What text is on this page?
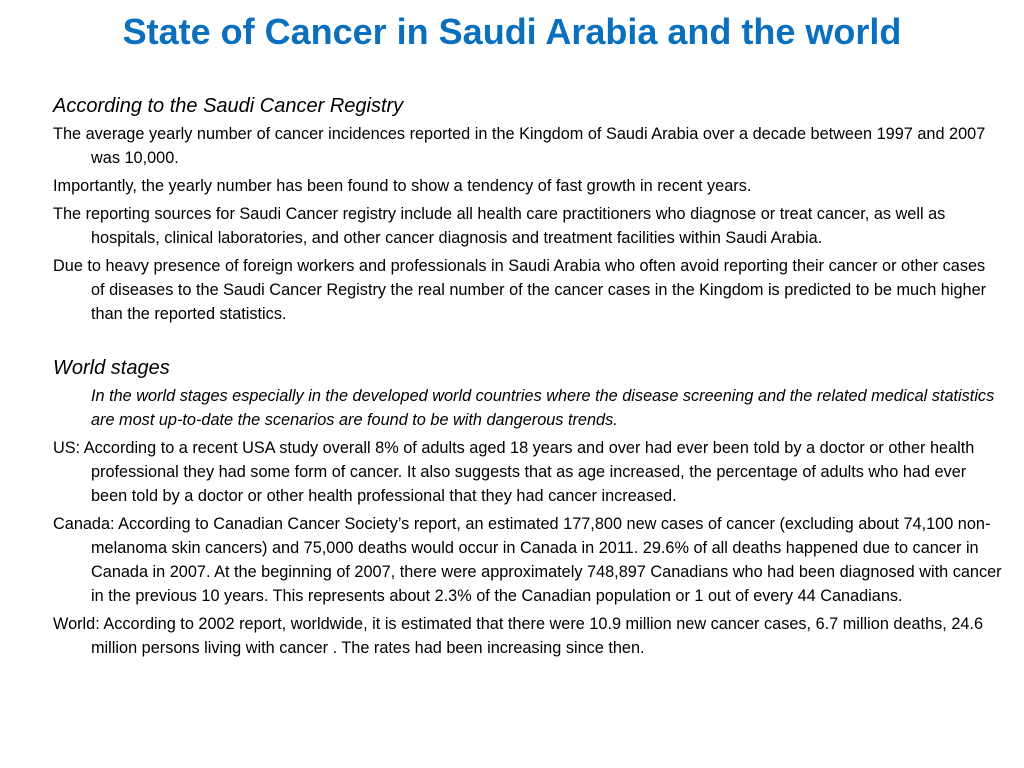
State of Cancer in Saudi Arabia and the world
According to the Saudi Cancer Registry

The average yearly number of cancer incidences reported in the Kingdom of Saudi Arabia over a decade between 1997 and 2007 was 10,000.

Importantly, the yearly number has been found to show a tendency of fast growth in recent years.

The reporting sources for Saudi Cancer registry include all health care practitioners who diagnose or treat cancer, as well as hospitals, clinical laboratories, and other cancer diagnosis and treatment facilities within Saudi Arabia.

Due to heavy presence of foreign workers and professionals in Saudi Arabia who often avoid reporting their cancer or other cases of diseases to the Saudi Cancer Registry the real number of the cancer cases in the Kingdom is predicted to be much higher than the reported statistics.

World stages

In the world stages especially in the developed world countries where the disease screening and the related medical statistics are most up-to-date the scenarios are found to be with dangerous trends.

US: According to a recent USA study overall 8% of adults aged 18 years and over had ever been told by a doctor or other health professional they had some form of cancer. It also suggests that as age increased, the percentage of adults who had ever been told by a doctor or other health professional that they had cancer increased.

Canada: According to Canadian Cancer Society’s report, an estimated 177,800 new cases of cancer (excluding about 74,100 non-melanoma skin cancers) and 75,000 deaths would occur in Canada in 2011. 29.6% of all deaths happened due to cancer in Canada in 2007. At the beginning of 2007, there were approximately 748,897 Canadians who had been diagnosed with cancer in the previous 10 years. This represents about 2.3% of the Canadian population or 1 out of every 44 Canadians.

World: According to 2002 report, worldwide, it is estimated that there were 10.9 million new cancer cases, 6.7 million deaths, 24.6 million persons living with cancer . The rates had been increasing since then.
